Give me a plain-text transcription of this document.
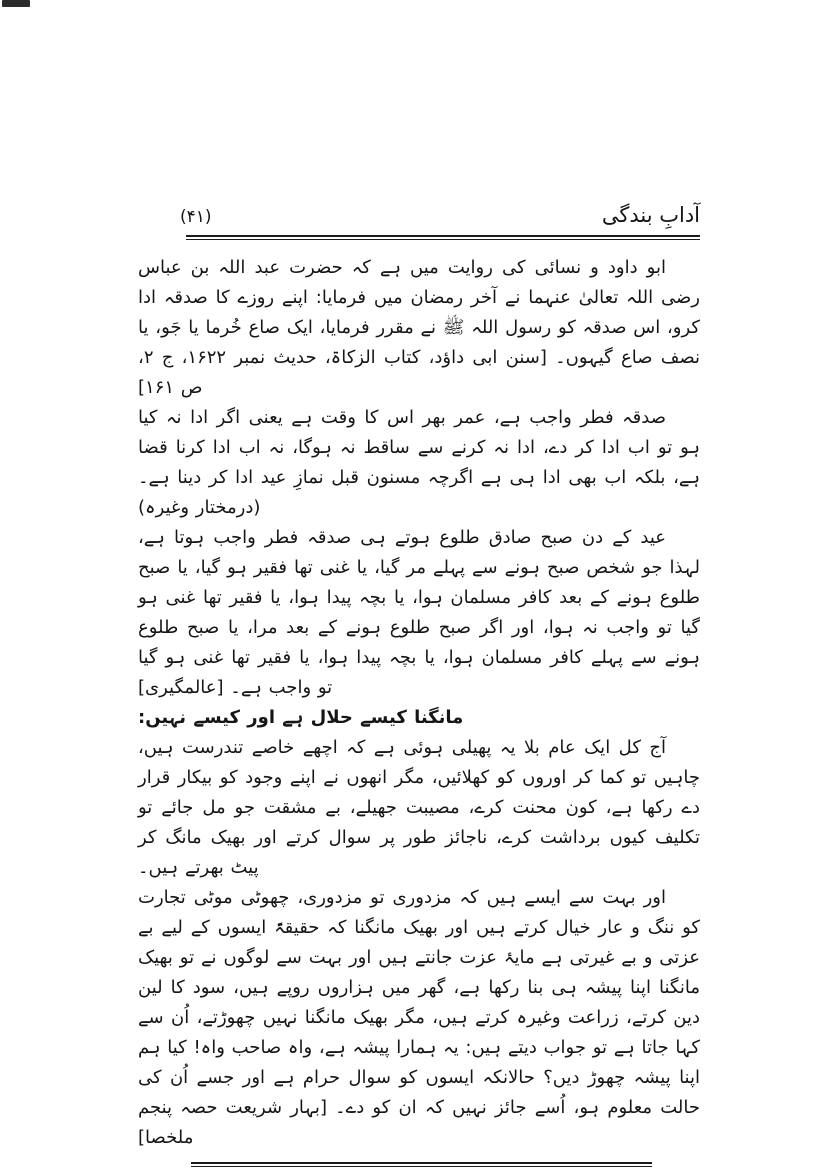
آدابِ بندگی
(۴۱)

ابو داود و نسائی کی روایت میں ہے کہ حضرت عبد اللہ بن عباس رضی اللہ تعالیٰ عنہما نے آخر رمضان میں فرمایا: اپنے روزے کا صدقہ ادا کرو، اس صدقہ کو رسول اللہ ﷺ نے مقرر فرمایا، ایک صاع خُرما یا جَو، یا نصف صاع گیہوں۔ [سنن ابی داؤد، کتاب الزکاۃ، حدیث نمبر ۱۶۲۲، ج ۲، ص ۱۶۱]

صدقہ فطر واجب ہے، عمر بھر اس کا وقت ہے یعنی اگر ادا نہ کیا ہو تو اب ادا کر دے، ادا نہ کرنے سے ساقط نہ ہوگا، نہ اب ادا کرنا قضا ہے، بلکہ اب بھی ادا ہی ہے اگرچہ مسنون قبل نمازِ عید ادا کر دینا ہے۔ (درمختار وغیرہ)

عید کے دن صبح صادق طلوع ہوتے ہی صدقہ فطر واجب ہوتا ہے، لہذا جو شخص صبح ہونے سے پہلے مر گیا، یا غنی تھا فقیر ہو گیا، یا صبح طلوع ہونے کے بعد کافر مسلمان ہوا، یا بچہ پیدا ہوا، یا فقیر تھا غنی ہو گیا تو واجب نہ ہوا، اور اگر صبح طلوع ہونے کے بعد مرا، یا صبح طلوع ہونے سے پہلے کافر مسلمان ہوا، یا بچہ پیدا ہوا، یا فقیر تھا غنی ہو گیا تو واجب ہے۔ [عالمگیری]

مانگنا کیسے حلال ہے اور کیسے نہیں:

آج کل ایک عام بلا یہ پھیلی ہوئی ہے کہ اچھے خاصے تندرست ہیں، چاہیں تو کما کر اوروں کو کھلائیں، مگر انھوں نے اپنے وجود کو بیکار قرار دے رکھا ہے، کون محنت کرے، مصیبت جھیلے، بے مشقت جو مل جائے تو تکلیف کیوں برداشت کرے، ناجائز طور پر سوال کرتے اور بھیک مانگ کر پیٹ بھرتے ہیں۔

اور بہت سے ایسے ہیں کہ مزدوری تو مزدوری، چھوٹی موٹی تجارت کو ننگ و عار خیال کرتے ہیں اور بھیک مانگنا کہ حقیقۃً ایسوں کے لیے بے عزتی و بے غیرتی ہے مایۂ عزت جانتے ہیں اور بہت سے لوگوں نے تو بھیک مانگنا اپنا پیشہ ہی بنا رکھا ہے، گھر میں ہزاروں روپے ہیں، سود کا لین دین کرتے، زراعت وغیرہ کرتے ہیں، مگر بھیک مانگنا نہیں چھوڑتے، اُن سے کہا جاتا ہے تو جواب دیتے ہیں: یہ ہمارا پیشہ ہے، واہ صاحب واہ! کیا ہم اپنا پیشہ چھوڑ دیں؟ حالانکہ ایسوں کو سوال حرام ہے اور جسے اُن کی حالت معلوم ہو، اُسے جائز نہیں کہ ان کو دے۔ [بہار شریعت حصہ پنجم ملخصا]
